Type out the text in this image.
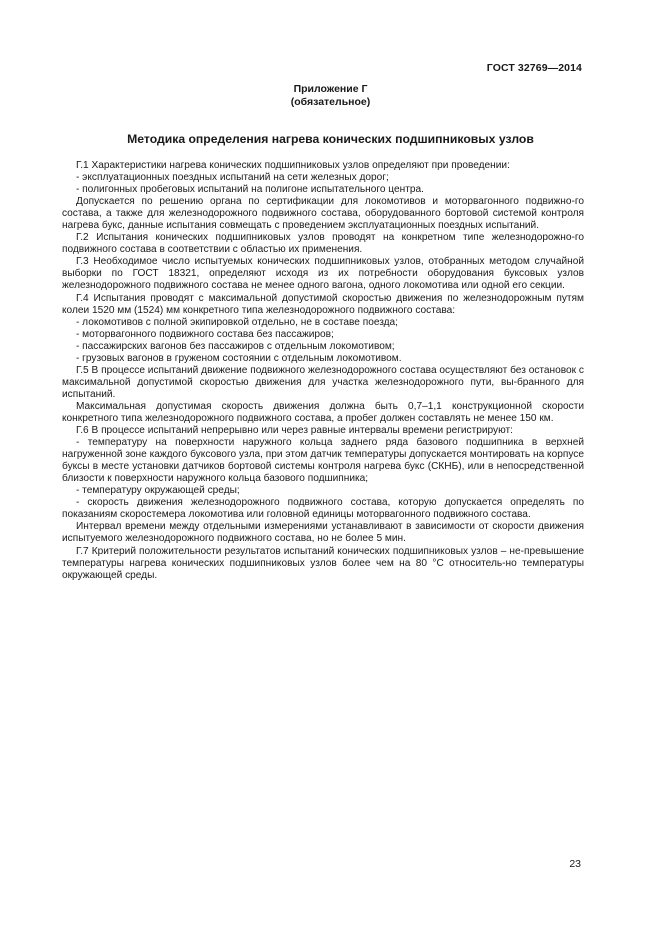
ГОСТ 32769—2014
Приложение Г
(обязательное)
Методика определения нагрева конических подшипниковых узлов

Г.1 Характеристики нагрева конических подшипниковых узлов определяют при проведении:

- эксплуатационных поездных испытаний на сети железных дорог;

- полигонных пробеговых испытаний на полигоне испытательного центра.

Допускается по решению органа по сертификации для локомотивов и моторвагонного подвижно-го состава, а также для железнодорожного подвижного состава, оборудованного бортовой системой контроля нагрева букс, данные испытания совмещать с проведением эксплуатационных поездных испытаний.

Г.2 Испытания конических подшипниковых узлов проводят на конкретном типе железнодорожно-го подвижного состава в соответствии с областью их применения.

Г.3 Необходимое число испытуемых конических подшипниковых узлов, отобранных методом случайной выборки по ГОСТ 18321, определяют исходя из их потребности оборудования буксовых узлов железнодорожного подвижного состава не менее одного вагона, одного локомотива или одной его секции.

Г.4 Испытания проводят с максимальной допустимой скоростью движения по железнодорожным путям колеи 1520 мм (1524) мм конкретного типа железнодорожного подвижного состава:

- локомотивов с полной экипировкой отдельно, не в составе поезда;

- моторвагонного подвижного состава без пассажиров;

- пассажирских вагонов без пассажиров с отдельным локомотивом;

- грузовых вагонов в груженом состоянии с отдельным локомотивом.

Г.5 В процессе испытаний движение подвижного железнодорожного состава осуществляют без остановок с максимальной допустимой скоростью движения для участка железнодорожного пути, вы-бранного для испытаний.

Максимальная допустимая скорость движения должна быть 0,7–1,1 конструкционной скорости конкретного типа железнодорожного подвижного состава, а пробег должен составлять не менее 150 км.

Г.6 В процессе испытаний непрерывно или через равные интервалы времени регистрируют:

- температуру на поверхности наружного кольца заднего ряда базового подшипника в верхней нагруженной зоне каждого буксового узла, при этом датчик температуры допускается монтировать на корпусе буксы в месте установки датчиков бортовой системы контроля нагрева букс (СКНБ), или в непосредственной близости к поверхности наружного кольца базового подшипника;

- температуру окружающей среды;

- скорость движения железнодорожного подвижного состава, которую допускается определять по показаниям скоростемера локомотива или головной единицы моторвагонного подвижного состава.

Интервал времени между отдельными измерениями устанавливают в зависимости от скорости движения испытуемого железнодорожного подвижного состава, но не более 5 мин.

Г.7 Критерий положительности результатов испытаний конических подшипниковых узлов – не-превышение температуры нагрева конических подшипниковых узлов более чем на 80 °С относитель-но температуры окружающей среды.

23
